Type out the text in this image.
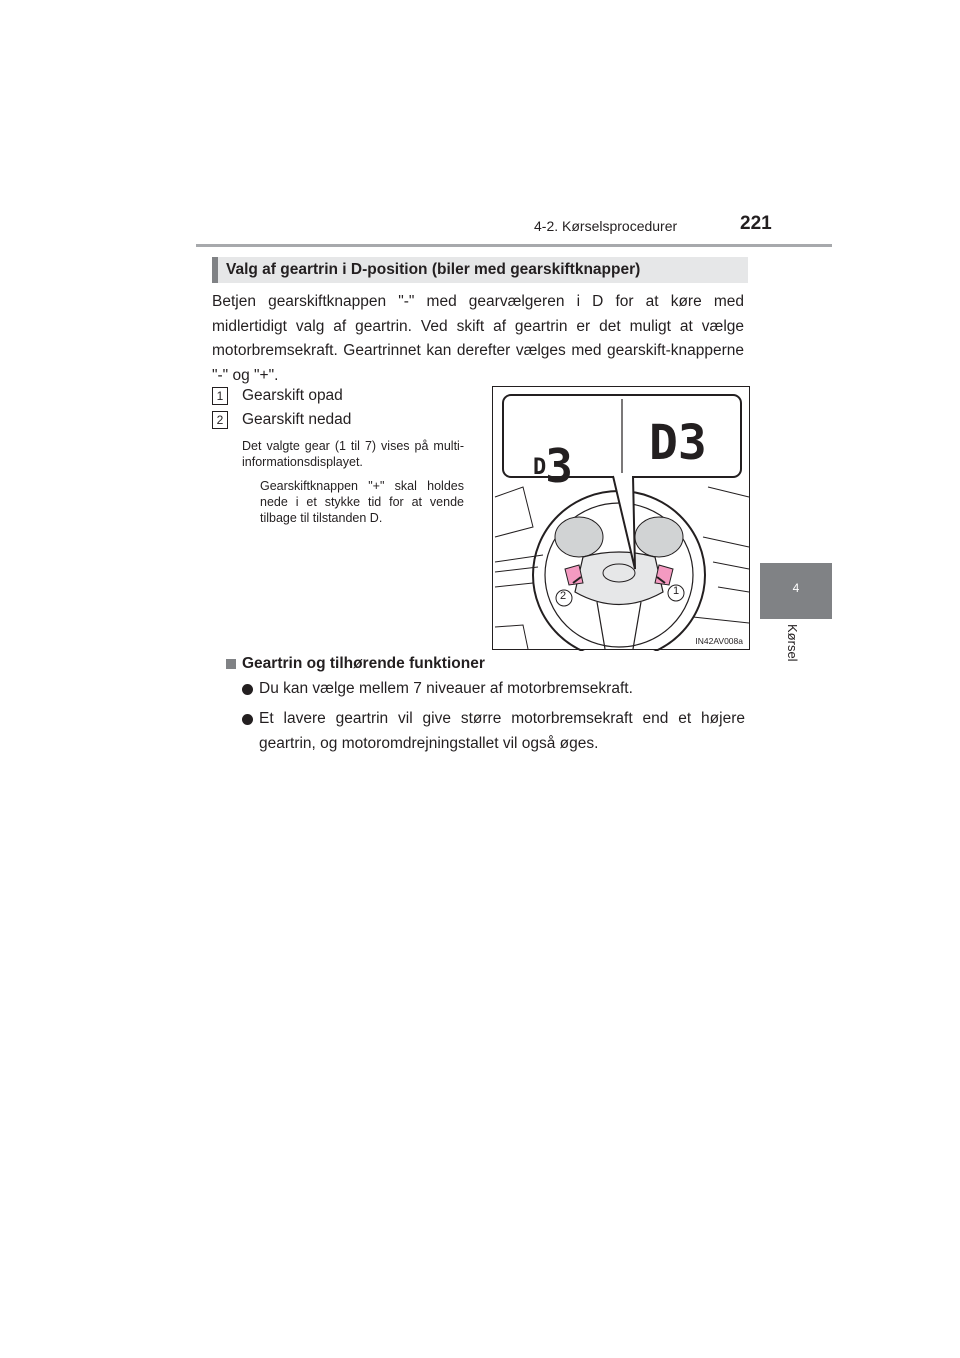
4-2. Kørselsprocedurer	221
4
Kørsel
Valg af geartrin i D-position (biler med gearskiftknapper)
Betjen gearskiftknappen "-" med gearvælgeren i D for at køre med midlertidigt valg af geartrin. Ved skift af geartrin er det muligt at vælge motorbremsekraft. Geartrinnet kan derefter vælges med gearskift-knapperne "-" og "+".
1	Gearskift opad
2	Gearskift nedad
Det valgte gear (1 til 7) vises på multi-informationsdisplayet.
Gearskiftknappen "+" skal holdes nede i et stykke tid for at vende tilbage til tilstanden D.
D3 D3
2	1
IN42AV008a
Geartrin og tilhørende funktioner
Du kan vælge mellem 7 niveauer af motorbremsekraft.
Et lavere geartrin vil give større motorbremsekraft end et højere geartrin, og motoromdrejningstallet vil også øges.
